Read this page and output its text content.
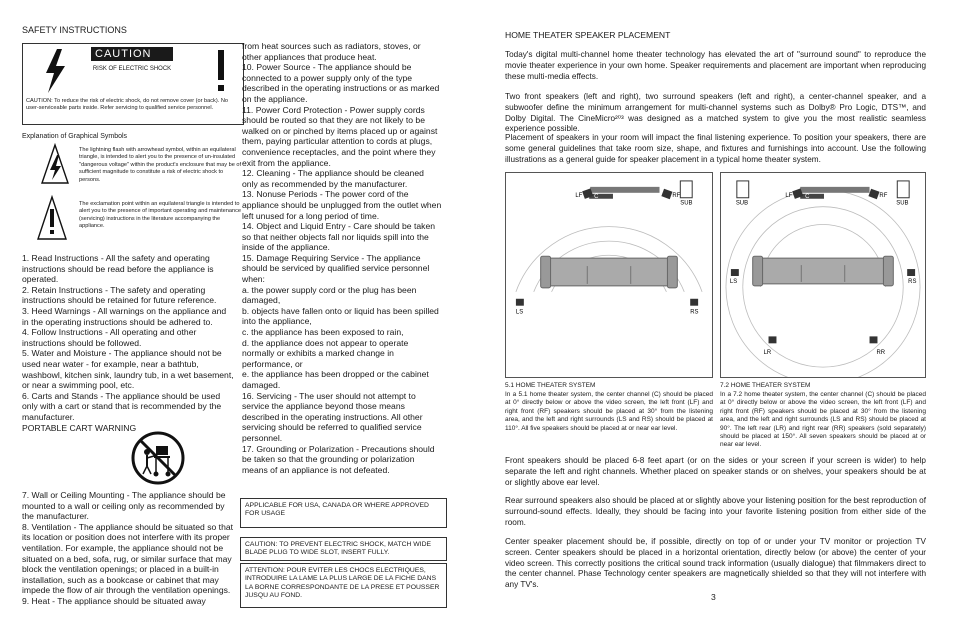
SAFETY INSTRUCTIONS
CAUTION
RISK OF ELECTRIC SHOCK
CAUTION: To reduce the risk of electric shock, do not remove cover (or back). No user-serviceable parts inside. Refer servicing to qualified service personnel.
Explanation of Graphical Symbols
The lightning flash with arrowhead symbol, within an equilateral triangle, is intended to alert you to the presence of un-insulated "dangerous voltage" within the product's enclosure that may be of sufficient magnitude to constitute a risk of electric shock to persons.
The exclamation point within an equilateral triangle is intended to alert you to the presence of important operating and maintenance (servicing) instructions in the literature accompanying the appliance.

1. Read Instructions - All the safety and operating instructions should be read before the appliance is operated.

2. Retain Instructions - The safety and operating instructions should be retained for future reference.

3. Heed Warnings - All warnings on the appliance and in the operating instructions should be adhered to.

4. Follow Instructions - All operating and other instructions should be followed.

5. Water and Moisture - The appliance should not be used near water - for example, near a bathtub, washbowl, kitchen sink, laundry tub, in a wet basement, or near a swimming pool, etc.

6. Carts and Stands - The appliance should be used only with a cart or stand that is recommended by the manufacturer.

PORTABLE CART WARNING

7. Wall or Ceiling Mounting - The appliance should be mounted to a wall or ceiling only as recommended by the manufacturer.

8. Ventilation - The appliance should be situated so that its location or position does not interfere with its proper ventilation. For example, the appliance should not be situated on a bed, sofa, rug, or similar surface that may block the ventilation openings; or placed in a built-in installation, such as a bookcase or cabinet that may impede the flow of air through the ventilation openings.

9. Heat - The appliance should be situated away

from heat sources such as radiators, stoves, or other appliances that produce heat.

10. Power Source - The appliance should be connected to a power supply only of the type described in the operating instructions or as marked on the appliance.

11. Power Cord Protection - Power supply cords should be routed so that they are not likely to be walked on or pinched by items placed up or against them, paying particular attention to cords at plugs, convenience receptacles, and the point where they exit from the appliance.

12. Cleaning - The appliance should be cleaned only as recommended by the manufacturer.

13. Nonuse Periods - The power cord of the appliance should be unplugged from the outlet when left unused for a long period of time.

14. Object and Liquid Entry - Care should be taken so that neither objects fall nor liquids spill into the inside of the appliance.

15. Damage Requiring Service - The appliance should be serviced by qualified service personnel when:

a. the power supply cord or the plug has been damaged,

b. objects have fallen onto or liquid has been spilled into the appliance,

c. the appliance has been exposed to rain,

d. the appliance does not appear to operate normally or exhibits a marked change in performance, or

e. the appliance has been dropped or the cabinet damaged.

16. Servicing - The user should not attempt to service the appliance beyond those means described in the operating instructions. All other servicing should be referred to qualified service personnel.

17. Grounding or Polarization - Precautions should be taken so that the grounding or polarization means of an appliance is not defeated.

APPLICABLE FOR USA, CANADA OR WHERE APPROVED FOR USAGE
CAUTION: TO PREVENT ELECTRIC SHOCK, MATCH WIDE BLADE PLUG TO WIDE SLOT, INSERT FULLY.
ATTENTION: POUR EVITER LES CHOCS ELECTRIQUES, INTRODUIRE LA LAME LA PLUS LARGE DE LA FICHE DANS LA BORNE CORRESPONDANTE DE LA PRESE ET POUSSER JUSQU AU FOND.
HOME THEATER SPEAKER PLACEMENT
Today's digital multi-channel home theater technology has elevated the art of "surround sound" to reproduce the movie theater experience in your own home. Speaker requirements and placement are important when reproducing these multi-media effects.
Two front speakers (left and right), two surround speakers (left and right), a center-channel speaker, and a subwoofer define the minimum arrangement for multi-channel systems such as Dolby® Pro Logic, DTS™, and Dolby Digital. The CineMicro²⁰³ was designed as a matched system to give you the most realistic seamless experience possible.
Placement of speakers in your room will impact the final listening experience. To position your speakers, there are some general guidelines that take room size, shape, and fixtures and furnishings into account. Use the following illustrations as a general guide for speaker placement in a typical home theater system.
LF C	RF
SUB
LS	RS
LF C	RF
SUB	SUB
LS	RS
LR	RR
5.1 HOME THEATER SYSTEM
In a 5.1 home theater system, the center channel (C) should be placed at 0° directly below or above the video screen, the left front (LF) and right front (RF) speakers should be placed at 30° from the listening area, and the left and right surrounds (LS and RS) should be placed at 110°. All five speakers should be placed at or near ear level.
7.2 HOME THEATER SYSTEM
In a 7.2 home theater system, the center channel (C) should be placed at 0° directly below or above the video screen, the left front (LF) and right front (RF) speakers should be placed at 30° from the listening area, and the left and right surrounds (LS and RS) should be placed at 90°. The left rear (LR) and right rear (RR) speakers (sold separately) should be placed at 150°. All seven speakers should be placed at or near ear level.
Front speakers should be placed 6-8 feet apart (or on the sides or your screen if your screen is wider) to help separate the left and right channels. Whether placed on speaker stands or on shelves, your speakers should be at or slightly above ear level.
Rear surround speakers also should be placed at or slightly above your listening position for the best reproduction of surround-sound effects. Ideally, they should be facing into your favorite listening position from either side of the room.
Center speaker placement should be, if possible, directly on top of or under your TV monitor or projection TV screen. Center speakers should be placed in a horizontal orientation, directly below (or above) the center of your video screen. This correctly positions the critical sound track information (usually dialogue) that filmmakers direct to the center channel. Phase Technology center speakers are magnetically shielded so that they will not interfere with any TV's.
3
